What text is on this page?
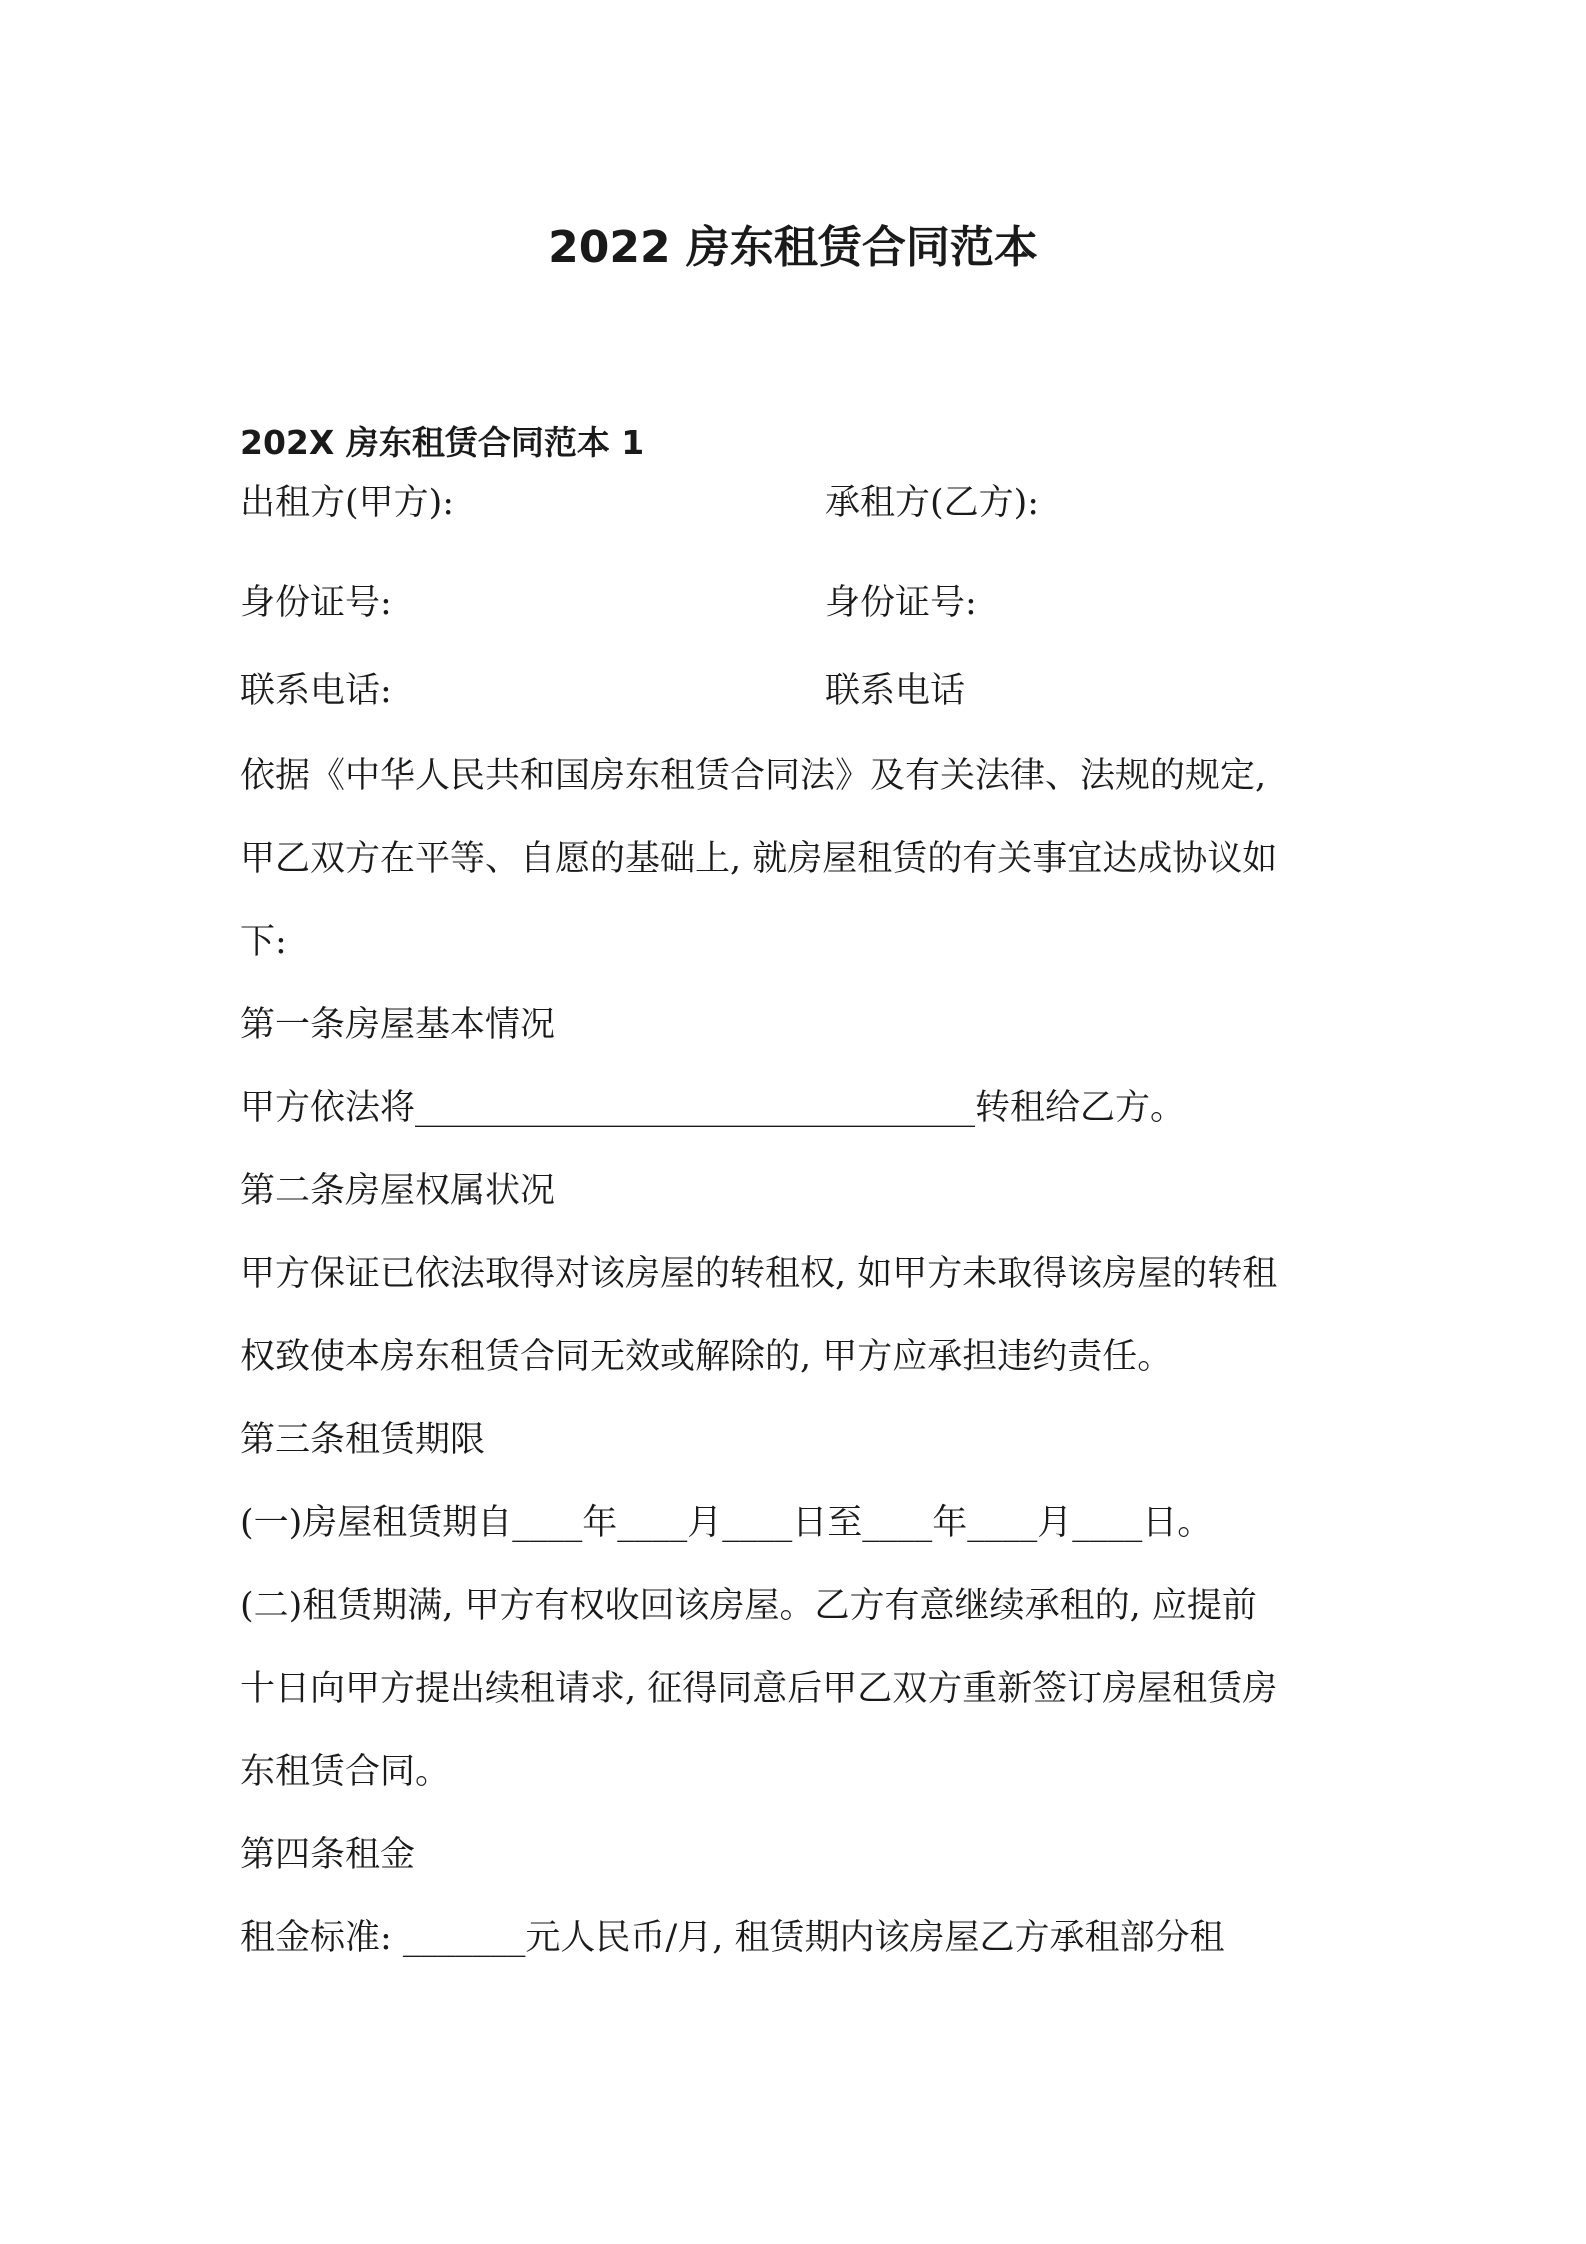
2022 房东租赁合同范本
202X 房东租赁合同范本 1
出租方(甲方):	承租方(乙方):
身份证号:	身份证号:
联系电话:	联系电话
依据《中华人民共和国房东租赁合同法》及有关法律、法规的规定,
甲乙双方在平等、自愿的基础上, 就房屋租赁的有关事宜达成协议如
下:
第一条房屋基本情况
甲方依法将________________________________转租给乙方。
第二条房屋权属状况
甲方保证已依法取得对该房屋的转租权, 如甲方未取得该房屋的转租
权致使本房东租赁合同无效或解除的, 甲方应承担违约责任。
第三条租赁期限
(一)房屋租赁期自____年____月____日至____年____月____日。
(二)租赁期满, 甲方有权收回该房屋。乙方有意继续承租的, 应提前
十日向甲方提出续租请求, 征得同意后甲乙双方重新签订房屋租赁房
东租赁合同。
第四条租金
租金标准: _______元人民币/月, 租赁期内该房屋乙方承租部分租
